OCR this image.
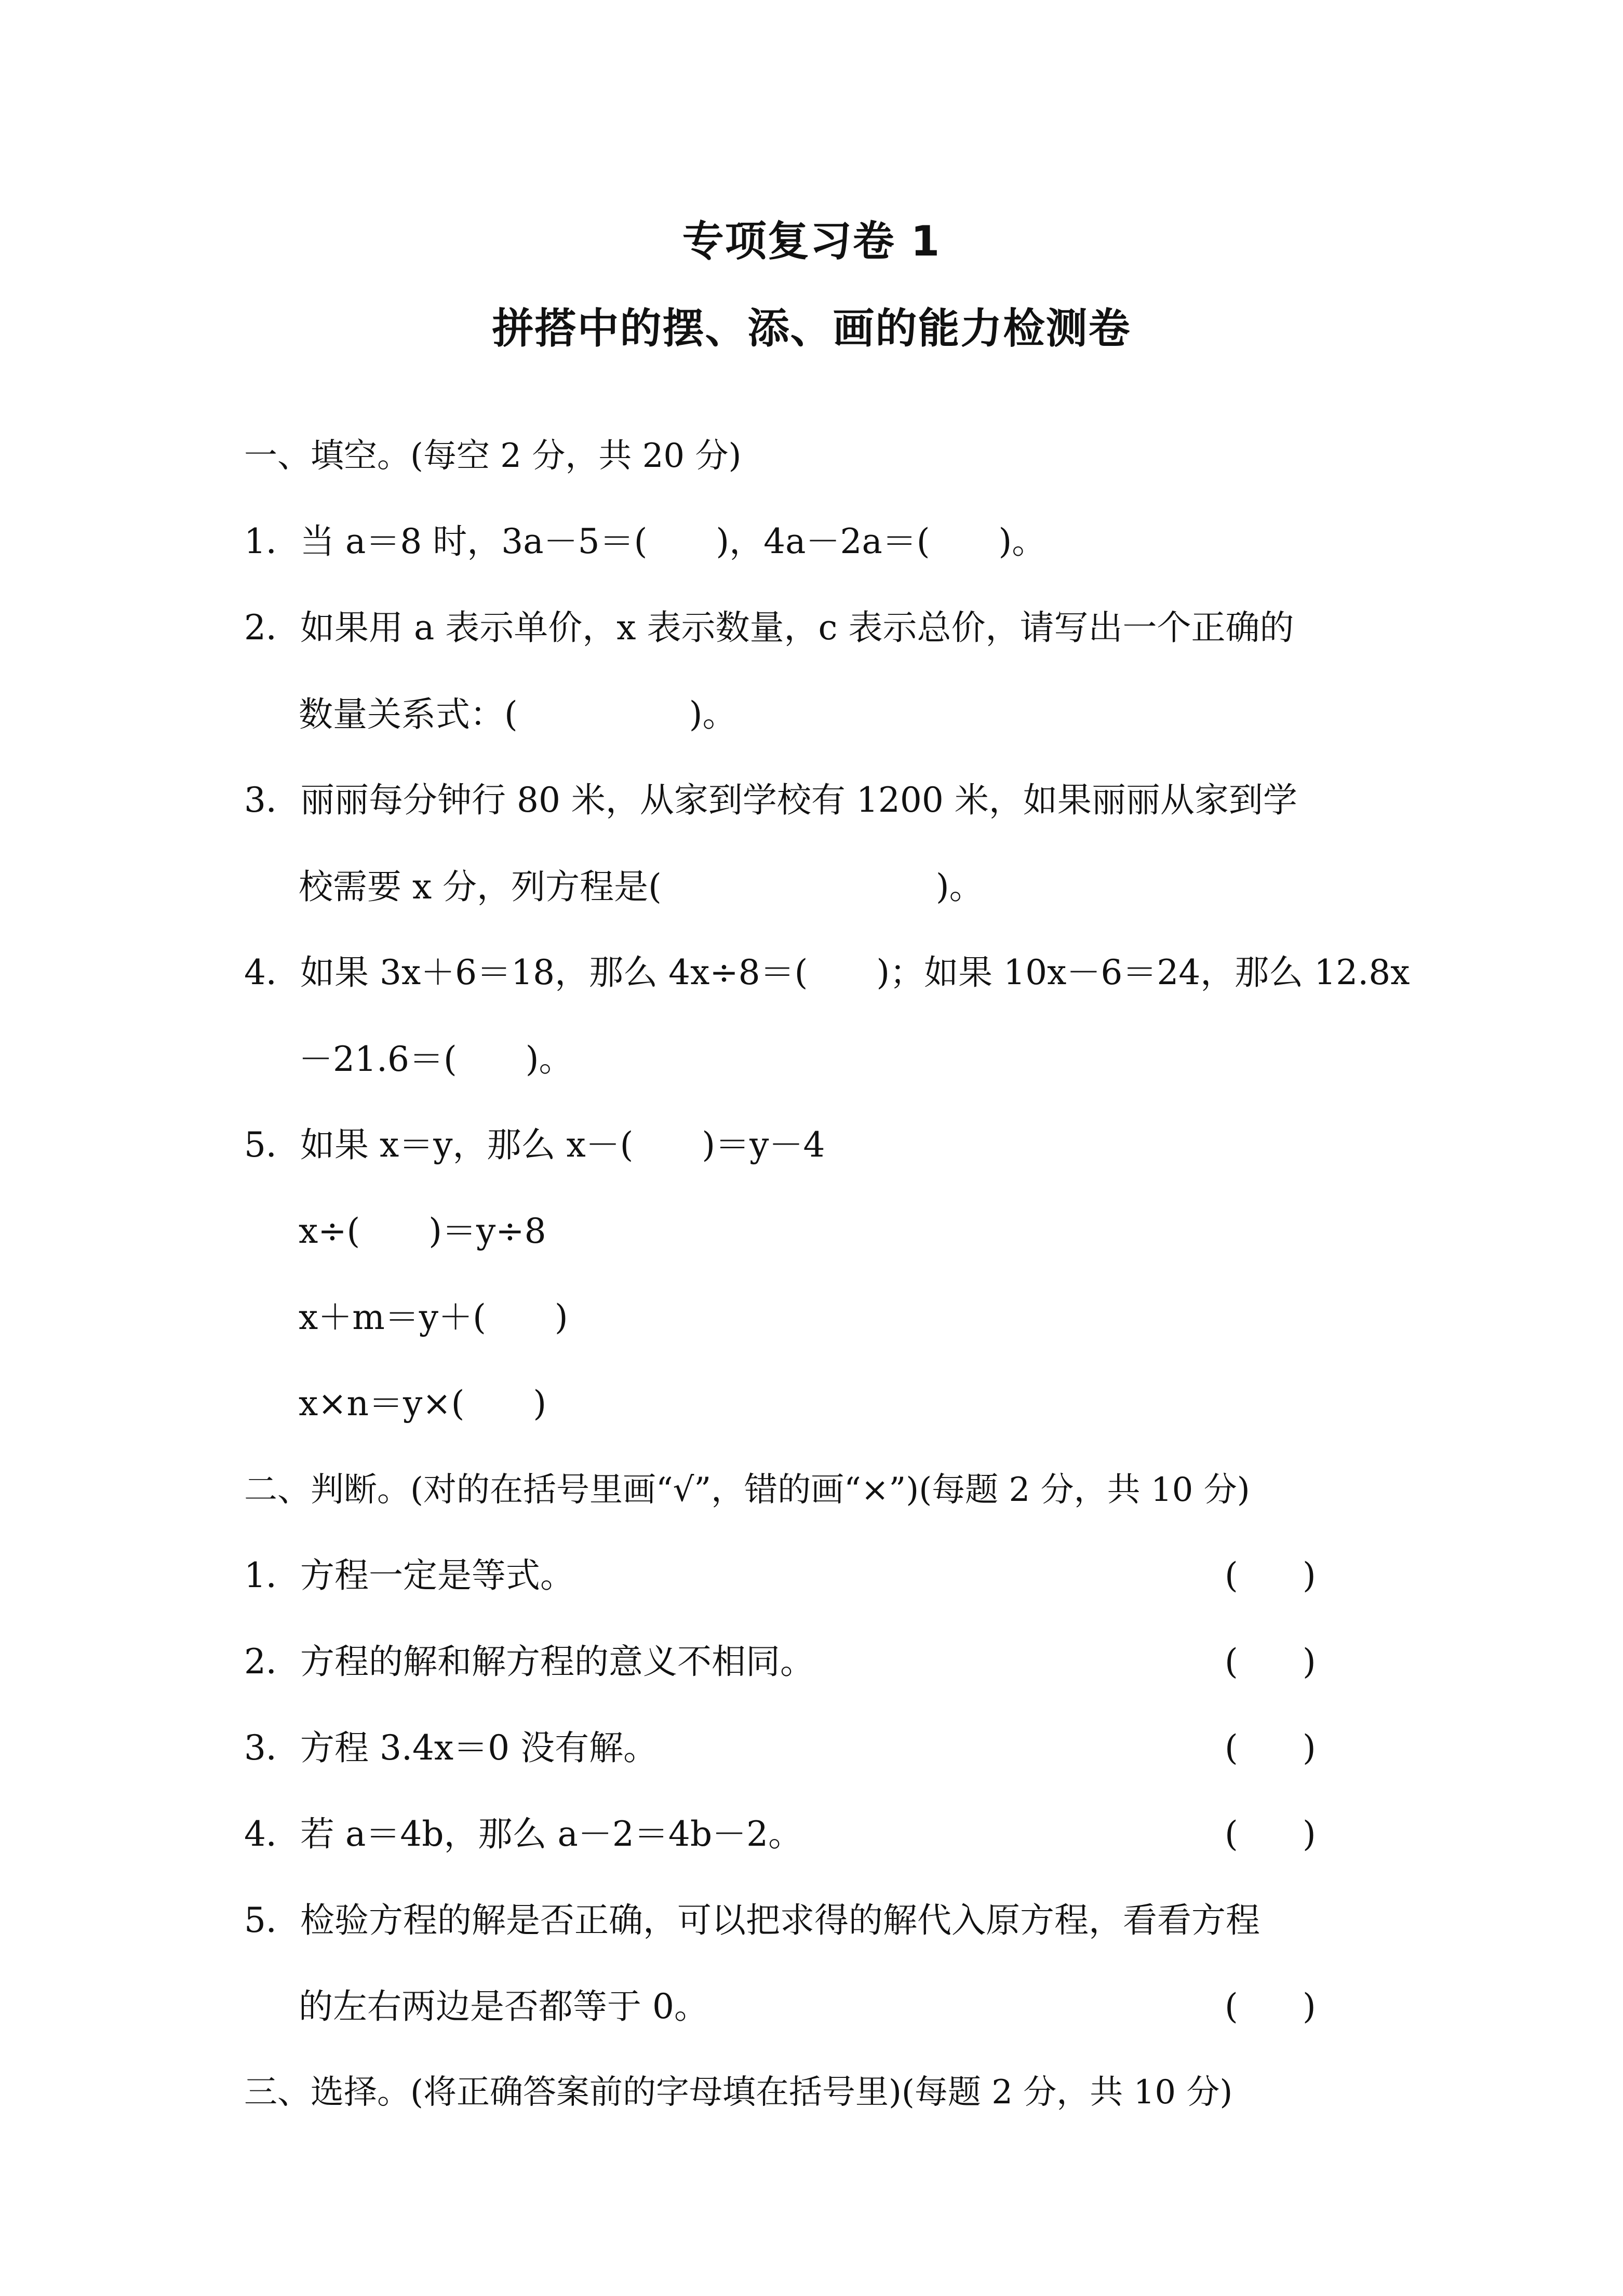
专项复习卷 1
拼搭中的摆、添、画的能力检测卷
一、填空。(每空 2 分，共 20 分)
1．当 a＝8 时，3a－5＝(　　)，4a－2a＝(　　)。
2．如果用 a 表示单价，x 表示数量，c 表示总价，请写出一个正确的
数量关系式：(　　　　　)。
3．丽丽每分钟行 80 米，从家到学校有 1200 米，如果丽丽从家到学
校需要 x 分，列方程是(　　　　　　　　)。
4．如果 3x＋6＝18，那么 4x÷8＝(　　)；如果 10x－6＝24，那么 12.8x
－21.6＝(　　)。
5．如果 x＝y，那么 x－(　　)＝y－4
x÷(　　)＝y÷8
x＋m＝y＋(　　)
x×n＝y×(　　)
二、判断。(对的在括号里画“√”，错的画“×”)(每题 2 分，共 10 分)
1．方程一定是等式。	( )
2．方程的解和解方程的意义不相同。	( )
3．方程 3.4x＝0 没有解。	( )
4．若 a＝4b，那么 a－2＝4b－2。	( )
5．检验方程的解是否正确，可以把求得的解代入原方程，看看方程
的左右两边是否都等于 0。	( )
三、选择。(将正确答案前的字母填在括号里)(每题 2 分，共 10 分)
